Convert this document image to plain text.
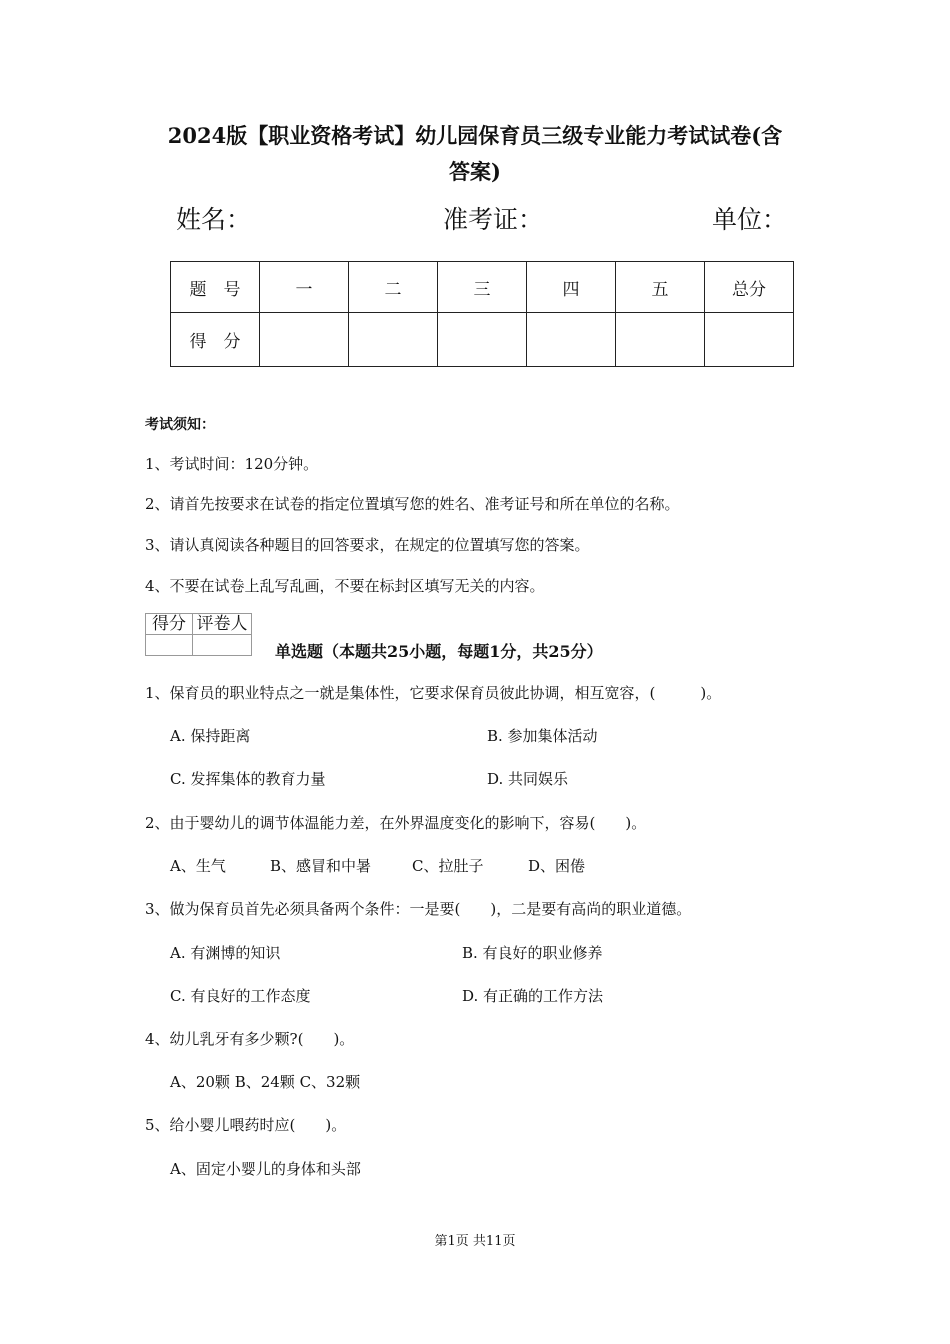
2024版【职业资格考试】幼儿园保育员三级专业能力考试试卷(含
答案)
姓名：	准考证：	单位：
题　号	一	二	三	四	五	总分
得　分						
考试须知：
1、考试时间：120分钟。
2、请首先按要求在试卷的指定位置填写您的姓名、准考证号和所在单位的名称。
3、请认真阅读各种题目的回答要求，在规定的位置填写您的答案。
4、不要在试卷上乱写乱画，不要在标封区填写无关的内容。
得分	评卷人

单选题（本题共25小题，每题1分，共25分）
1、保育员的职业特点之一就是集体性，它要求保育员彼此协调，相互宽容，(　　　)。
A. 保持距离	B. 参加集体活动
C. 发挥集体的教育力量	D. 共同娱乐
2、由于婴幼儿的调节体温能力差，在外界温度变化的影响下，容易(　　)。
A、生气	B、感冒和中暑	C、拉肚子	D、困倦
3、做为保育员首先必须具备两个条件：一是要(　　)，二是要有高尚的职业道德。
A. 有渊博的知识	B. 有良好的职业修养
C. 有良好的工作态度	D. 有正确的工作方法
4、幼儿乳牙有多少颗?(　　)。
A、20颗 B、24颗 C、32颗
5、给小婴儿喂药时应(　　)。
A、固定小婴儿的身体和头部
第1页 共11页
